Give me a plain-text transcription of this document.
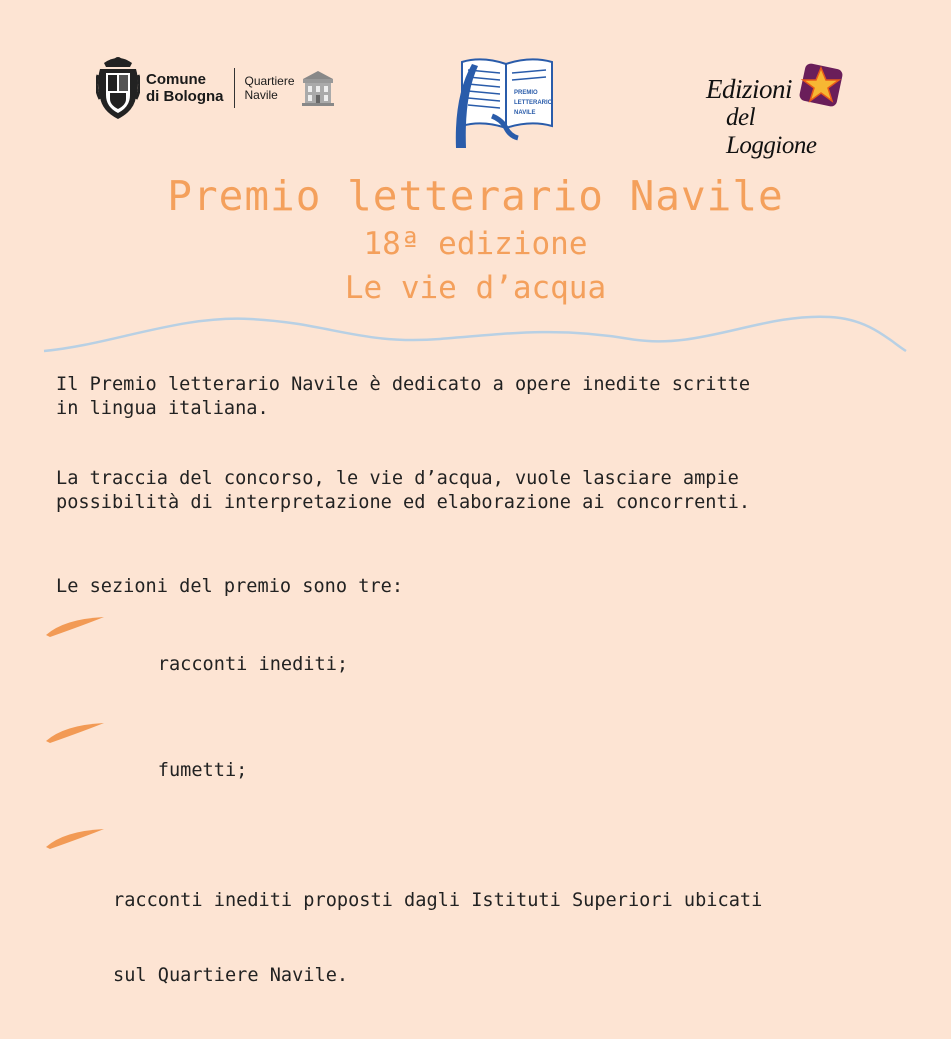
Comune
di Bologna
Quartiere
Navile	PREMIO
LETTERARIO
NAVILE
Edizioni
del Loggione
Premio letterario Navile
18ª edizione
Le vie d’acqua
Il Premio letterario Navile è dedicato a opere inedite scritte
in lingua italiana.
La traccia del concorso, le vie d’acqua, vuole lasciare ampie
possibilità di interpretazione ed elaborazione ai concorrenti.
Le sezioni del premio sono tre:

racconti inediti;

fumetti;

racconti inediti proposti dagli Istituti Superiori ubicati

sul Quartiere Navile.
